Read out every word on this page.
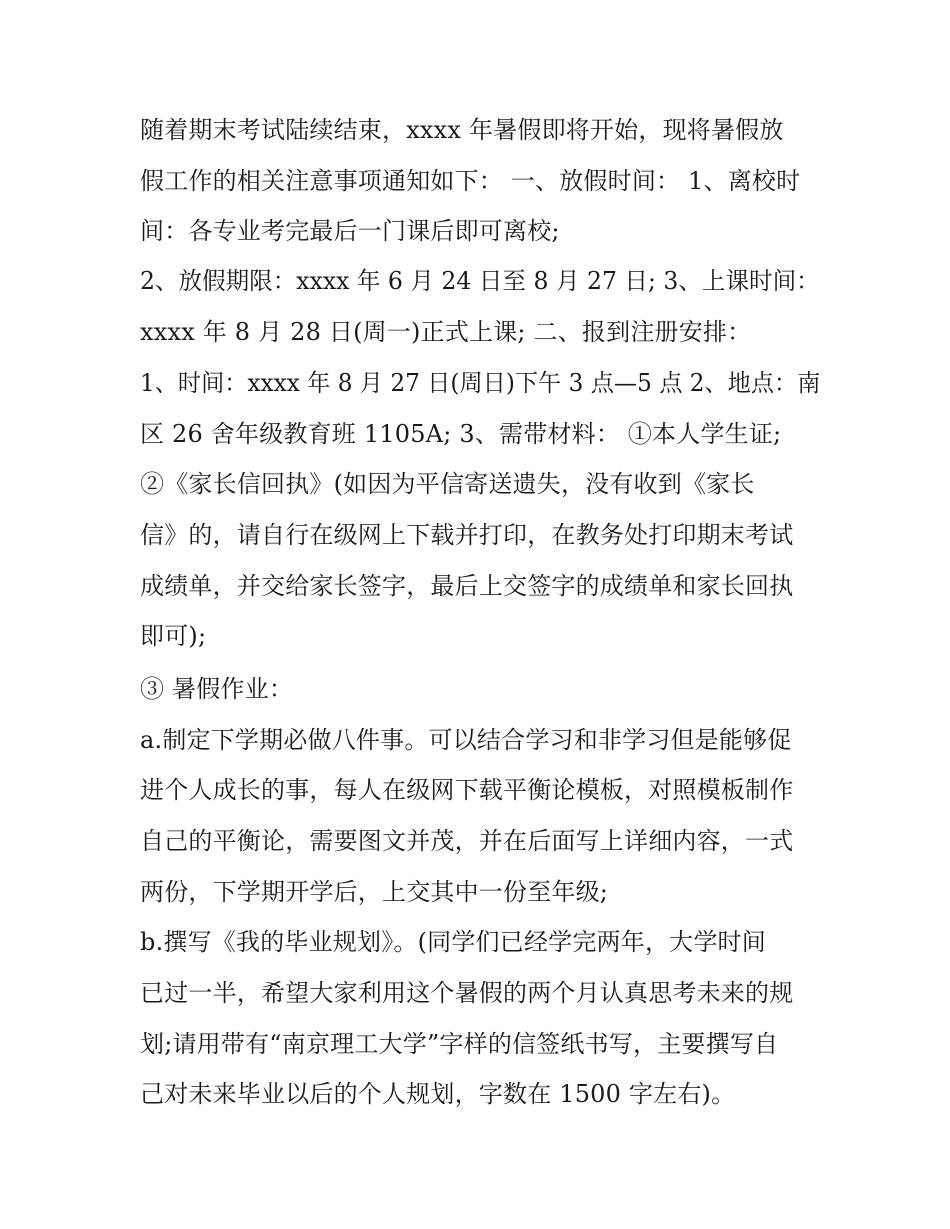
随着期末考试陆续结束，xxxx 年暑假即将开始，现将暑假放
假工作的相关注意事项通知如下： 一、放假时间： 1、离校时
间：各专业考完最后一门课后即可离校;
2、放假期限：xxxx 年 6 月 24 日至 8 月 27 日; 3、上课时间：
xxxx 年 8 月 28 日(周一)正式上课; 二、报到注册安排：
1、时间：xxxx 年 8 月 27 日(周日)下午 3 点—5 点 2、地点：南
区 26 舍年级教育班 1105A; 3、需带材料： ①本人学生证;
②《家长信回执》(如因为平信寄送遗失，没有收到《家长
信》的，请自行在级网上下载并打印，在教务处打印期末考试
成绩单，并交给家长签字，最后上交签字的成绩单和家长回执
即可);
③ 暑假作业：
a.制定下学期必做八件事。可以结合学习和非学习但是能够促
进个人成长的事，每人在级网下载平衡论模板，对照模板制作
自己的平衡论，需要图文并茂，并在后面写上详细内容，一式
两份，下学期开学后，上交其中一份至年级;
b.撰写《我的毕业规划》。(同学们已经学完两年，大学时间
已过一半，希望大家利用这个暑假的两个月认真思考未来的规
划;请用带有“南京理工大学”字样的信签纸书写，主要撰写自
己对未来毕业以后的个人规划，字数在 1500 字左右)。
